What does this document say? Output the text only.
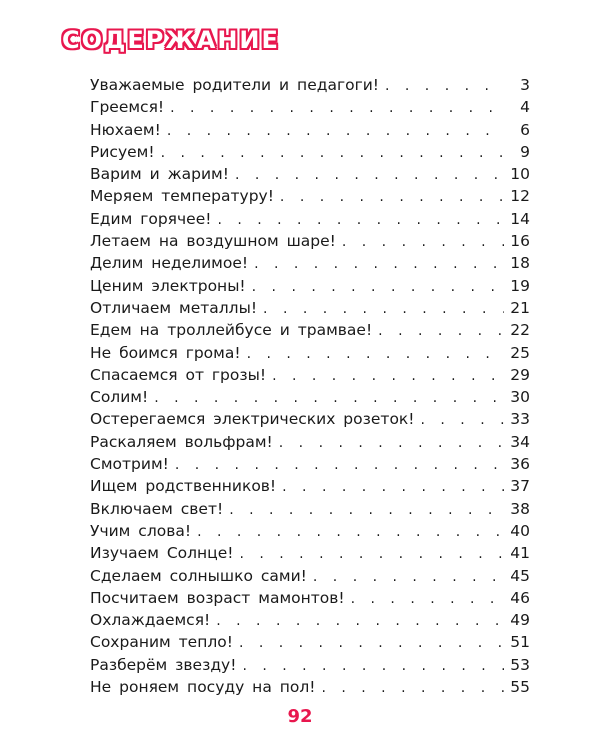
СОДЕРЖАНИЕ
Уважаемые родители и педагоги! . . .	3
Греемся! . . .	4
Нюхаем! . . .	6
Рисуем! . . .	9
Варим и жарим! . . .	10
Меряем температуру! . . .	12
Едим горячее! . . .	14
Летаем на воздушном шаре! . . .	16
Делим неделимое! . . .	18
Ценим электроны! . . .	19
Отличаем металлы! . . .	21
Едем на троллейбусе и трамвае! . . .	22
Не боимся грома! . . .	25
Спасаемся от грозы! . . .	29
Солим! . . .	30
Остерегаемся электрических розеток! . . .	33
Раскаляем вольфрам! . . .	34
Смотрим! . . .	36
Ищем родственников! . . .	37
Включаем свет! . . .	38
Учим слова! . . .	40
Изучаем Солнце! . . .	41
Сделаем солнышко сами! . . .	45
Посчитаем возраст мамонтов! . . .	46
Охлаждаемся! . . .	49
Сохраним тепло! . . .	51
Разберём звезду! . . .	53
Не роняем посуду на пол! . . .	55
92
